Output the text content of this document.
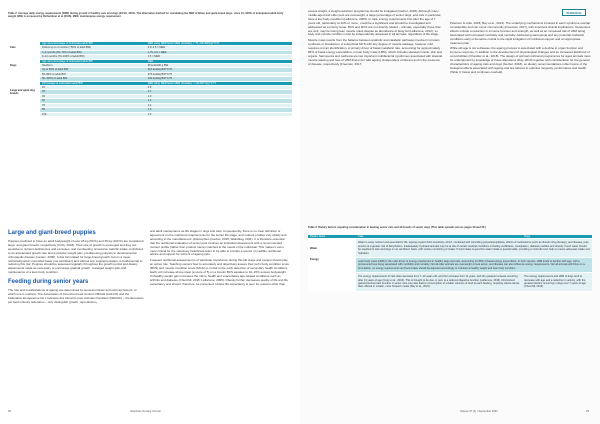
Table 2. Average daily energy requirements (DER) during growth of healthy cats and dogs (ECVA, 2021). The alternative method for calculating the DER of kitten and giant-breed dogs, since 15–100% of anticipated adult body weight (BW) is proposed by Richardson et al (2016). MER, maintenance energy requirement
	Age and percentage of anticipated adult BW	DER using MER factor MER (kcal/day) = 75–100 BW(kg)^0.67
Cats	Kittens up to 4 months (<50% of adult BW)	2.0–2.5 × MER
	4–9 months (50–70% of adult BW)	1.75–2.0 × MER
	9–12 months (70–100% of adult BW)	1.5 × MER
	Age and percentage of anticipated adult BW	DER
Dogs	Newborn	25 kcal/100 g BW
	Up to 50% of adult BW	210 kcal/kg BW^0.75
	50–80% of adult BW	175 kcal/kg BW^0.75
	80–100% of adult BW	140 kcal/kg BW^0.75
	Percentage of anticipated adult BW	DER using MER factor MER (kcal/day) = 130 BW (kg)^0.75
Large and giant dog breeds	15	2.5
	30	2.1
	45	1.9
	60	1.6
	75	1.4
	85	1.3
	100	1.0
Large and giant-breed puppies

Puppies predicted to have an adult bodyweight of over 25 kg (50 lb) and 45 kg (100 lb) are considered large- and giant breeds, respectively (Kirby, 2018). Their rate of growth is prolonged and they are sensitive to nutrient deficiencies and excesses, and overfeeding. Excessive calorific intake contributes to an accelerated growth rate and excessive weight gain, predisposing puppies to developmental orthopaedic disease (Lauten, 2006). A diet formulated for large-breed growth, fed on a meal-restricted/portion-controlled basis (not ad-libitum) and without any supplementation, is fundamental to reducing this risk. Puppies should be assessed regularly throughout the growth period and dietary adjustments made as necessary to encourage gradual growth, managed weight gain and maintenance of a lean body condition.

Feeding during senior years

The role and manifestations of ageing are determined by several intrinsic and extrinsic factors, of which one is nutrition. The Association of American Feed Control Officials (AAFCO) and the Fédération Européenne De L'industrie des Aliments pour Animaux Familiers (FEDIAF) – the European pet food industry federation – only distinguish growth, reproduction,

and adult maintenance as life stages in dogs and cats. Consequently, there is no clear definition or agreement on the nutritional requirements for the senior life stage, and nutrient profiles vary widely and according to the manufacturers' philosophies (Gerber, 2018; Wakshlag, 2011). It is therefore essential that the nutritional evaluation of senior pets involves an individual assessment with a recommended nutrient profile (rather than product name) matched to the needs of the individual. This makes it even more critical for the veterinary healthcare team to be able to provide a source of credible nutritional advice and support for owners of ageing pets.

Frequent nutritional assessment is of particular importance during this life stage and owners should play an active role. Teaching owners how to accurately and objectively assess their pet's body condition score (BCS) and muscle condition score (MCS) is crucial to the early detection of secondary health conditions. Each unit increase above ideal (a score of 5) on a 9-point BCS equates to 10–15% excess bodyweight. Unhealthy weight gain increases the risk to health and exacerbates age-related conditions such as arthritis and diabetes (Churchill, 2016; Laflamme, 2005). Obesity further decreases quality of life and life expectancy and should, therefore, be prevented. Unless life expectancy is poor for reasons other than

28	Veterinary Nursing Journal
SURGICAL

excess weight, a weight-reduction programme should be instigated (Gerber, 2018). Although many middle-aged and older pets are overweight, a large percentage of senior dogs, and cats in particular, have a low body condition (Laflamme, 2005). In cats, energy requirements first alter the age of 7 years old, particularly at 10% or more., could be a significant and should be investigated and addressed as a priority issue. BCS and MCS are not directly related – animals, especially those that are sick, may be losing lean muscle mass despite an abundance of body fat (Laflamme, 2012), so body and muscle condition must be independently assessed in all animals, regardless of life stage.

Muscle mass results from the balance between anabolic and catabolic pathways involved in protein synthesis or breakdown. A suboptimal MCS with any degree of muscle wastage, however mild, requires prompt identification. A primary driver of basal metabolic rate, accounting for approximately 86% of basal energy expenditure, is lean body mass (LBM), which includes skeletal muscle, skin and organs. Sarcopenia and cachexia are two important multifactorial syndromes associated with skeletal muscle wasting and loss of LBM that occur with ageing (independent of illness) and in the presence of disease, respectively (Freeman, 2017;

Peterson & Little, 2018; Ray et al., 2021). The underlying mechanisms involved in each syndrome overlap considerably and can occur concurrently (Freeman, 2017), with important clinical implications. Deleterious effects include a reduction in immune function and strength, as well as an increased risk of LBM being associated with increased morbidity and mortality. Addressing sarcopenia and any potential cachectic conditions early is therefore crucial to the rapid instigation of nutritional support and an appropriate treatment plan.

While old age is not a disease, the ageing process is associated with a decline in organ function and immune response, in addition to the development of physiological changes and an increased likelihood of comorbidities (Chandler et al., 2018). The design of optimal nutritional programmes for aged animals must be underpinned by knowledge of these alterations (Day, 2010) together with consideration for the general characteristics of ageing cats and dogs (Gerber, 2018), so dietary recommendations reflect some of the biological effects associated with ageing and are tailored to optimise longevity, performance and health (Table 3; below and continues overleaf).

Table 3. Dietary factors requiring consideration in feeding senior cats and all breeds of senior dogs (This table spreads across pages 29 and 30.)
Dietary factor	Cats	Dogs
Water	Water is a key nutrient and essential for life. Ageing impairs thirst sensitivity, which, combined with coinciding polyuria/polydipsia, effects of medications (such as diuretic drug therapy), and disease, puts seniors at a greater risk of dehydration. Inadequately hydrated animals may be at risk of certain medical conditions including urolithiasis, constipation, diabetes mellitus and obesity. Fresh water should be supplied to cats and dogs on an ad-libitum basis, with routine monitoring of intake. If food intake is good but water intake is questionable, providing a moist diet can help to ensure adequate intake and hydration.	
Energy	Lean body mass (LBM) is the main driver of energy requirement in healthy dogs and cats, accounting for 86% of basal energy expenditure. In both species, LBM tends to decline with age, with a pronounced loss being associated with morbidity and mortality. Not all older animals are overweight or less active, and disease can also influence energy requirements. Not all animals will thrive on a formulation, so energy requirements and food intake should be adjusted accordingly to maintain a healthy weight and lean body condition.	
	The energy requirements of cats often decrease from 7–10 years old, and then increase from 11 years, with the greatest increase occurring after 13 years of age (Cupp et al., 2004). This is thought to be due, in part, to a reduced digestive function (Laflamme, 2016). Diminished gastrointestinal tract function in senior cats may also lead to consumption of smaller volumes of food at each feeding, requiring calorie-dense diets offered in smaller, more frequent meals (Ray et al., 2021).	The energy requirements and LBM of dogs tend to decrease with age and a reduction in activity, with the greatest decline occurring in dogs over 7 years of age (Churchill, 2016).
Volume 37 (4) • September 2022	29
